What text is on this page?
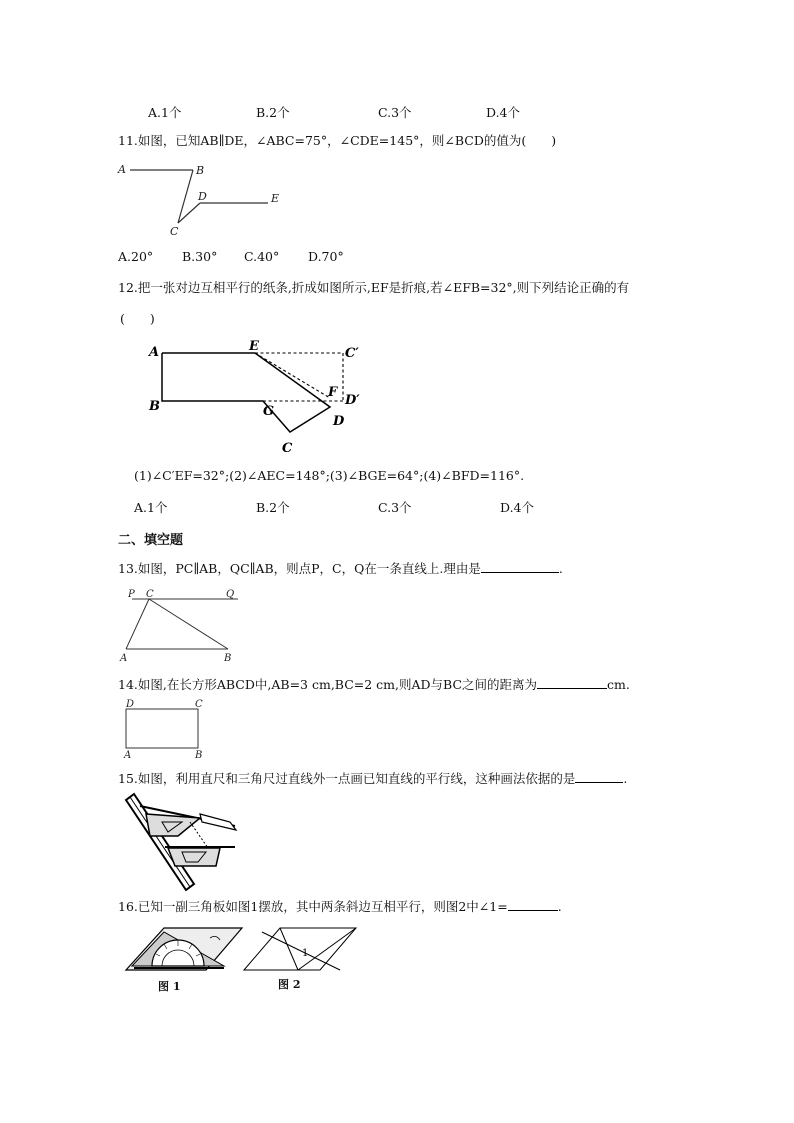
A.1个	B.2个	C.3个	D.4个
11.如图，已知AB∥DE，∠ABC=75°，∠CDE=145°，则∠BCD的值为(　　)
A	B
C
D	E
A.20° B.30° C.40° D.70°
12.把一张对边互相平行的纸条,折成如图所示,EF是折痕,若∠EFB=32°,则下列结论正确的有
(　　)
A	E	C′
F
D′
B	G
D
C
(1)∠C′EF=32°;(2)∠AEC=148°;(3)∠BGE=64°;(4)∠BFD=116°.
A.1个	B.2个	C.3个	D.4个
二、填空题
13.如图，PC∥AB，QC∥AB，则点P，C，Q在一条直线上.理由是	.
P C	Q
A	B
14.如图,在长方形ABCD中,AB=3 cm,BC=2 cm,则AD与BC之间的距离为	cm.
D	C
A	B
15.如图，利用直尺和三角尺过直线外一点画已知直线的平行线，这种画法依据的是	.
16.已知一副三角板如图1摆放，其中两条斜边互相平行，则图2中∠1=	.
图 1
1
图 2
